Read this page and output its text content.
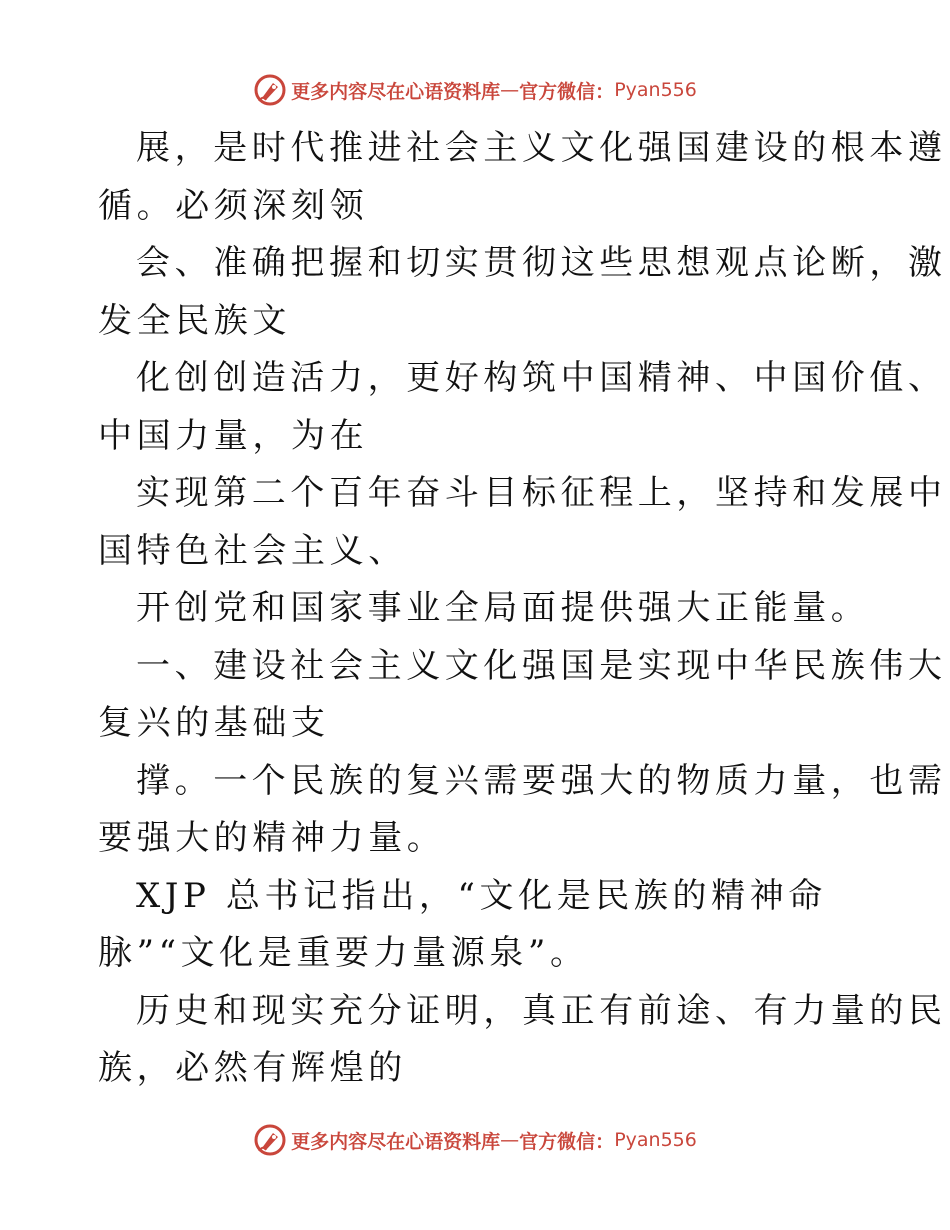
更多内容尽在心语资料库 — 官方微信： Pyan556
展，是时代推进社会主义文化强国建设的根本遵
循。必须深刻领
会、准确把握和切实贯彻这些思想观点论断，激
发全民族文
化创创造活力，更好构筑中国精神、中国价值、
中国力量，为在
实现第二个百年奋斗目标征程上，坚持和发展中
国特色社会主义、
开创党和国家事业全局面提供强大正能量。
一、建设社会主义文化强国是实现中华民族伟大
复兴的基础支
撑。一个民族的复兴需要强大的物质力量，也需
要强大的精神力量。
XJP 总书记指出，“文化是民族的精神命
脉”“文化是重要力量源泉”。
历史和现实充分证明，真正有前途、有力量的民
族，必然有辉煌的
更多内容尽在心语资料库 — 官方微信： Pyan556
